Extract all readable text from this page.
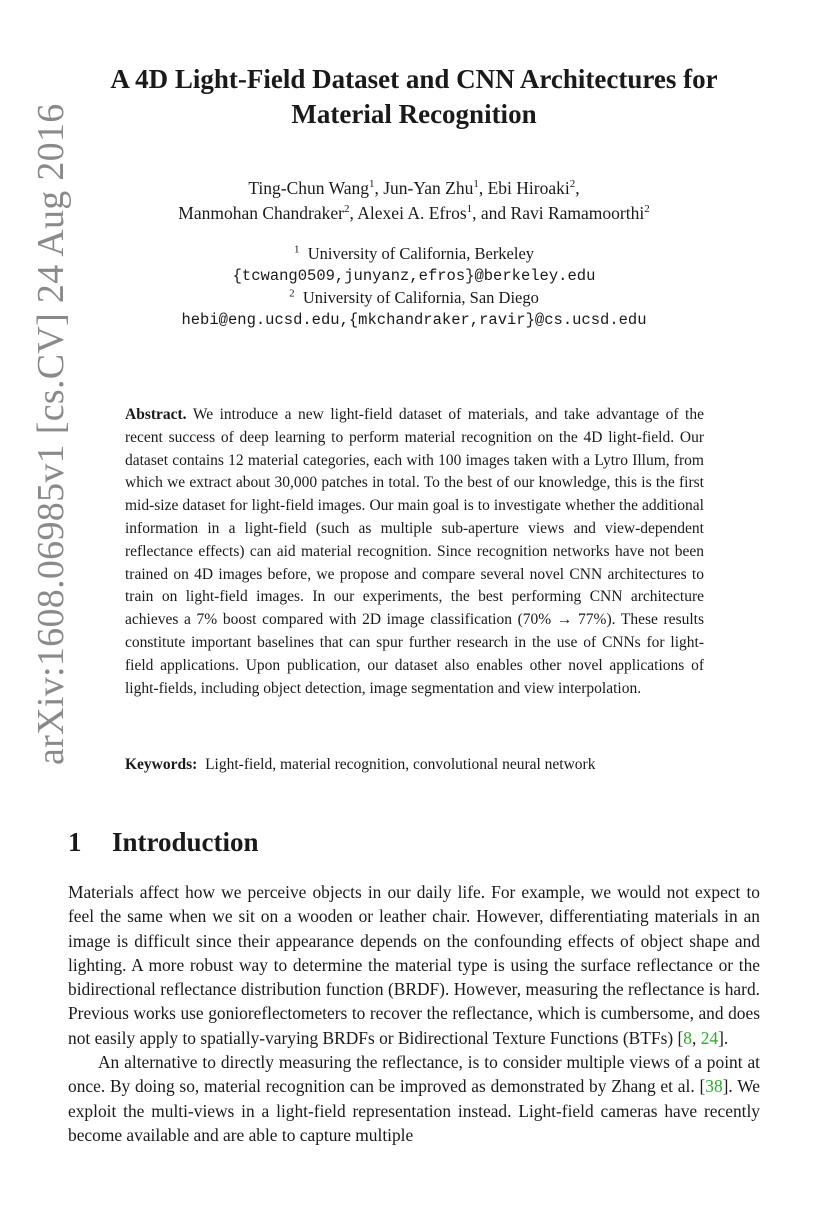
arXiv:1608.06985v1 [cs.CV] 24 Aug 2016
A 4D Light-Field Dataset and CNN Architectures for Material Recognition
Ting-Chun Wang$^1$, Jun-Yan Zhu$^1$, Ebi Hiroaki$^2$,
Manmohan Chandraker$^2$, Alexei A. Efros$^1$, and Ravi Ramamoorthi$^2$
$^1$ University of California, Berkeley
{tcwang0509,junyanz,efros}@berkeley.edu
$^2$ University of California, San Diego
hebi@eng.ucsd.edu,{mkchandraker,ravir}@cs.ucsd.edu
Abstract. We introduce a new light-field dataset of materials, and take advantage of the recent success of deep learning to perform material recognition on the 4D light-field. Our dataset contains 12 material categories, each with 100 images taken with a Lytro Illum, from which we extract about 30,000 patches in total. To the best of our knowledge, this is the first mid-size dataset for light-field images. Our main goal is to investigate whether the additional information in a light-field (such as multiple sub-aperture views and view-dependent reflectance effects) can aid material recognition. Since recognition networks have not been trained on 4D images before, we propose and compare several novel CNN architectures to train on light-field images. In our experiments, the best performing CNN architecture achieves a 7% boost compared with 2D image classification (70% → 77%). These results constitute important baselines that can spur further research in the use of CNNs for light-field applications. Upon publication, our dataset also enables other novel applications of light-fields, including object detection, image segmentation and view interpolation.
Keywords: Light-field, material recognition, convolutional neural network
1 Introduction

Materials affect how we perceive objects in our daily life. For example, we would not expect to feel the same when we sit on a wooden or leather chair. However, differentiating materials in an image is difficult since their appearance depends on the confounding effects of object shape and lighting. A more robust way to determine the material type is using the surface reflectance or the bidirectional reflectance distribution function (BRDF). However, measuring the reflectance is hard. Previous works use gonioreflectometers to recover the reflectance, which is cumbersome, and does not easily apply to spatially-varying BRDFs or Bidirectional Texture Functions (BTFs) [8, 24].

An alternative to directly measuring the reflectance, is to consider multiple views of a point at once. By doing so, material recognition can be improved as demonstrated by Zhang et al. [38]. We exploit the multi-views in a light-field representation instead. Light-field cameras have recently become available and are able to capture multiple
